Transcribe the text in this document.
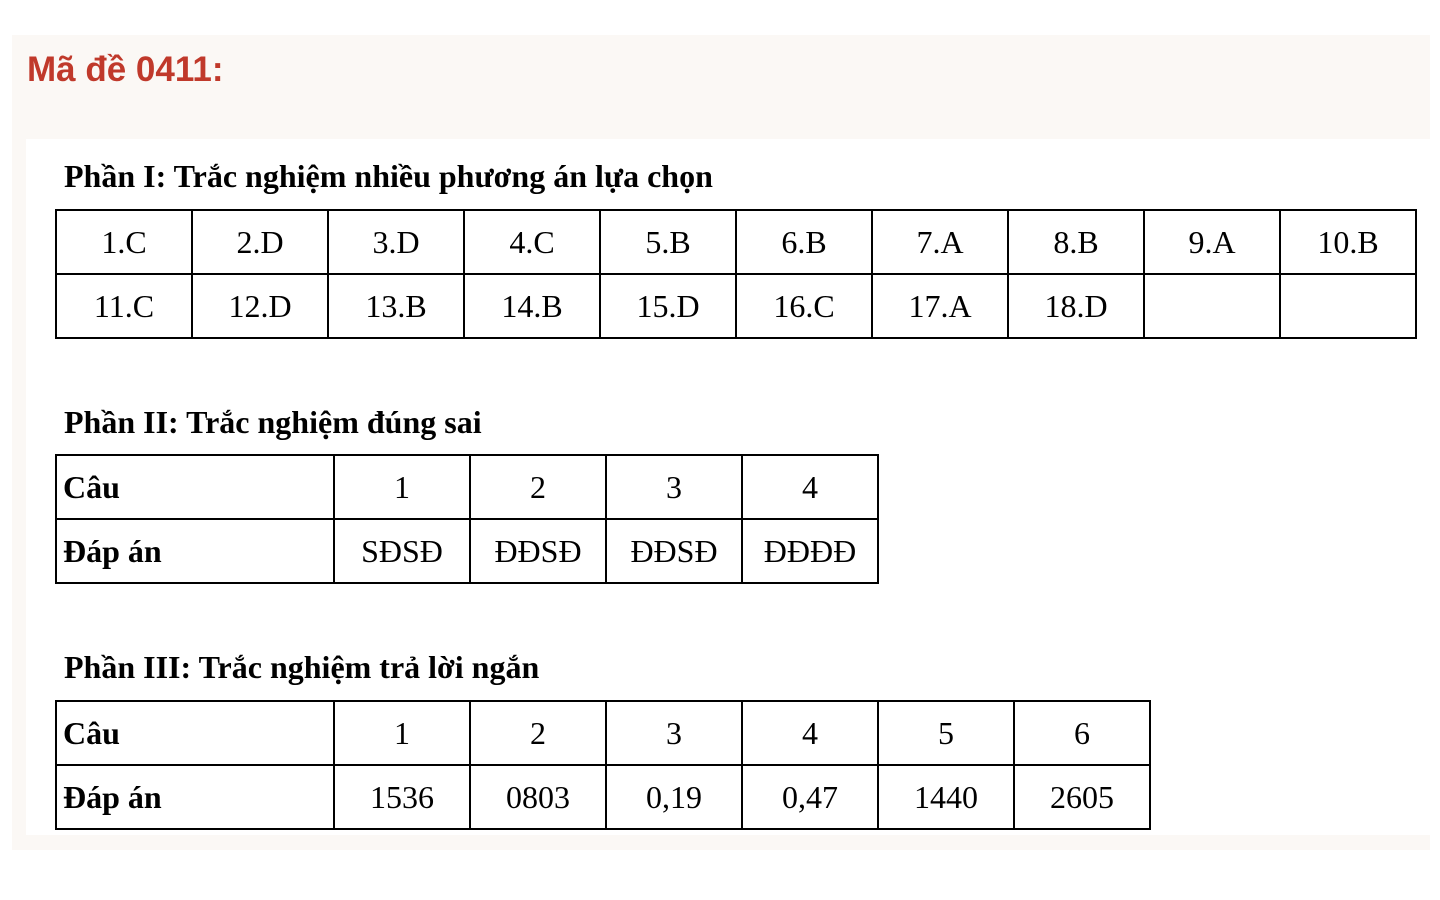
Mã đề 0411:
Phần I: Trắc nghiệm nhiều phương án lựa chọn
1.C	2.D	3.D	4.C	5.B	6.B	7.A	8.B	9.A	10.B
11.C	12.D	13.B	14.B	15.D	16.C	17.A	18.D		
Phần II: Trắc nghiệm đúng sai
Câu	1	2	3	4
Đáp án	SĐSĐ	ĐĐSĐ	ĐĐSĐ	ĐĐĐĐ
Phần III: Trắc nghiệm trả lời ngắn
Câu	1	2	3	4	5	6
Đáp án	1536	0803	0,19	0,47	1440	2605
